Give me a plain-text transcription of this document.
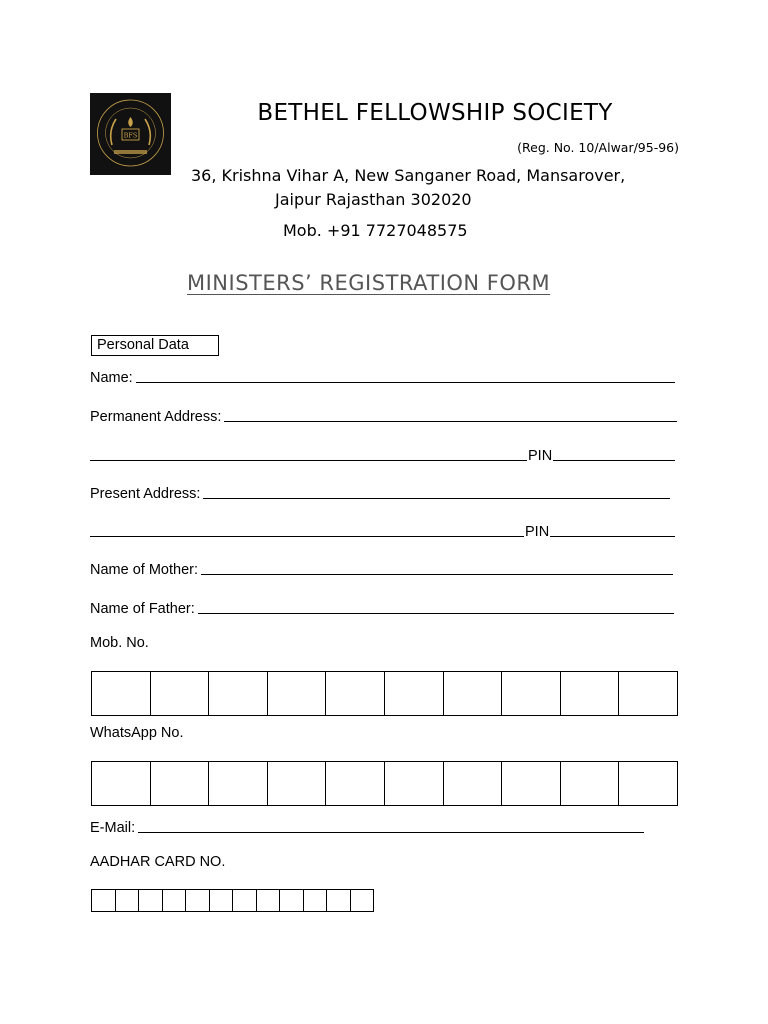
BFS
BETHEL FELLOWSHIP SOCIETY
(Reg. No. 10/Alwar/95-96)
36, Krishna Vihar A, New Sanganer Road, Mansarover,
Jaipur Rajasthan 302020
Mob. +91 7727048575
MINISTERS’ REGISTRATION FORM
Personal Data
Name:
Permanent Address:
PIN
Present Address:
PIN
Name of Mother:
Name of Father:
Mob. No.
WhatsApp No.
E-Mail:
AADHAR CARD NO.
